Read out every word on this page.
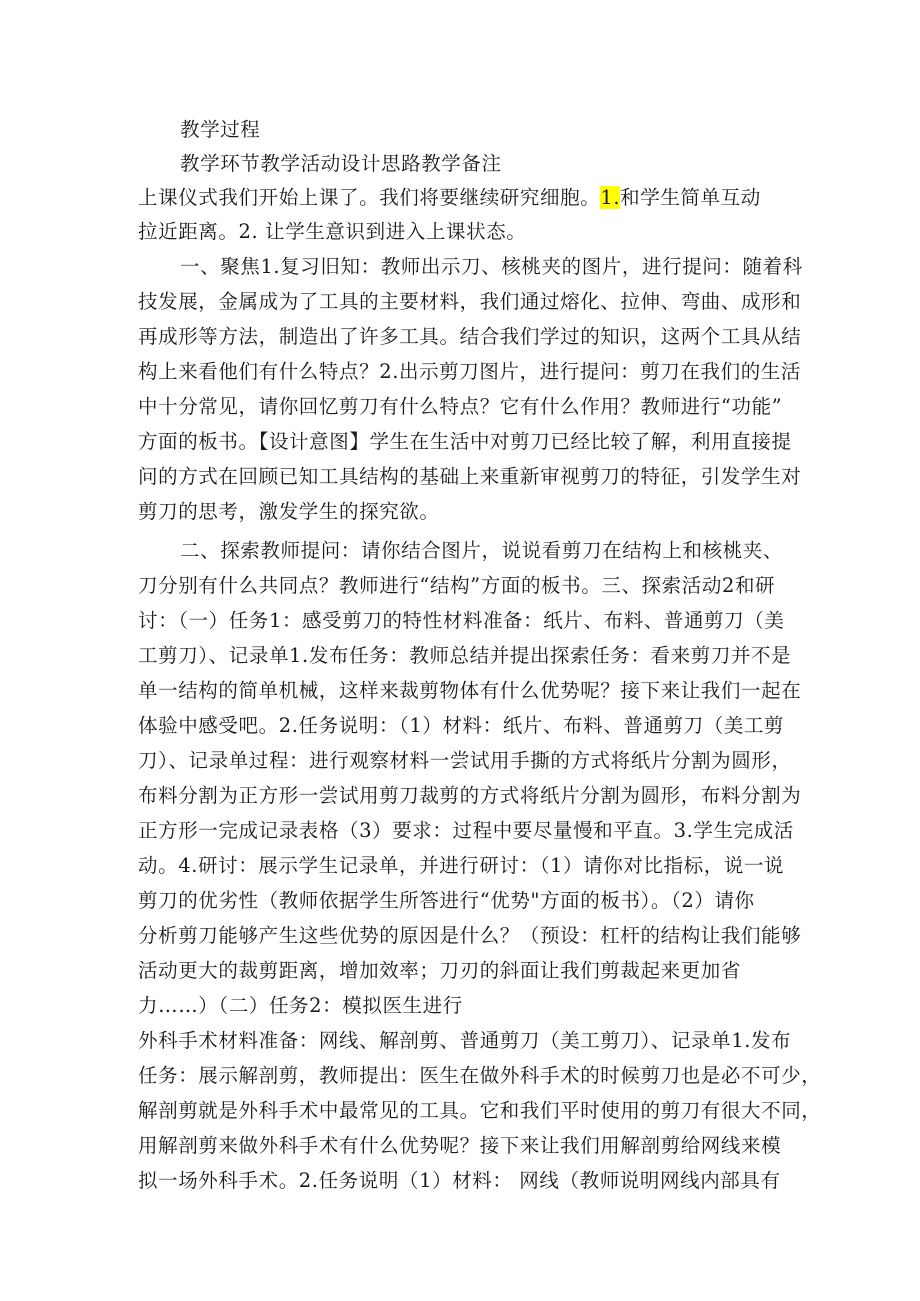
教学过程
教学环节教学活动设计思路教学备注
上课仪式我们开始上课了。我们将要继续研究细胞。1.和学生简单互动
拉近距离。2. 让学生意识到进入上课状态。
一、聚焦1.复习旧知：教师出示刀、核桃夹的图片，进行提问：随着科
技发展，金属成为了工具的主要材料，我们通过熔化、拉伸、弯曲、成形和
再成形等方法，制造出了许多工具。结合我们学过的知识，这两个工具从结
构上来看他们有什么特点？2.出示剪刀图片，进行提问：剪刀在我们的生活
中十分常见，请你回忆剪刀有什么特点？它有什么作用？教师进行“功能”
方面的板书。【设计意图】学生在生活中对剪刀已经比较了解，利用直接提
问的方式在回顾已知工具结构的基础上来重新审视剪刀的特征，引发学生对
剪刀的思考，激发学生的探究欲。
二、探索教师提问：请你结合图片，说说看剪刀在结构上和核桃夹、
刀分别有什么共同点？教师进行“结构”方面的板书。三、探索活动2和研
讨：（一）任务1：感受剪刀的特性材料准备：纸片、布料、普通剪刀（美
工剪刀）、记录单1.发布任务：教师总结并提出探索任务：看来剪刀并不是
单一结构的简单机械，这样来裁剪物体有什么优势呢？接下来让我们一起在
体验中感受吧。2.任务说明：（1）材料：纸片、布料、普通剪刀（美工剪
刀）、记录单过程：进行观察材料一尝试用手撕的方式将纸片分割为圆形，
布料分割为正方形一尝试用剪刀裁剪的方式将纸片分割为圆形，布料分割为
正方形一完成记录表格（3）要求：过程中要尽量慢和平直。3.学生完成活
动。4.研讨：展示学生记录单，并进行研讨：（1）请你对比指标，说一说
剪刀的优劣性（教师依据学生所答进行“优势"方面的板书）。（2）请你
分析剪刀能够产生这些优势的原因是什么？（预设：杠杆的结构让我们能够
活动更大的裁剪距离，增加效率；刀刃的斜面让我们剪裁起来更加省
力……）（二）任务2：模拟医生进行
外科手术材料准备：网线、解剖剪、普通剪刀（美工剪刀）、记录单1.发布
任务：展示解剖剪，教师提出：医生在做外科手术的时候剪刀也是必不可少，
解剖剪就是外科手术中最常见的工具。它和我们平时使用的剪刀有很大不同，
用解剖剪来做外科手术有什么优势呢？接下来让我们用解剖剪给网线来模
拟一场外科手术。2.任务说明（1）材料： 网线（教师说明网线内部具有
